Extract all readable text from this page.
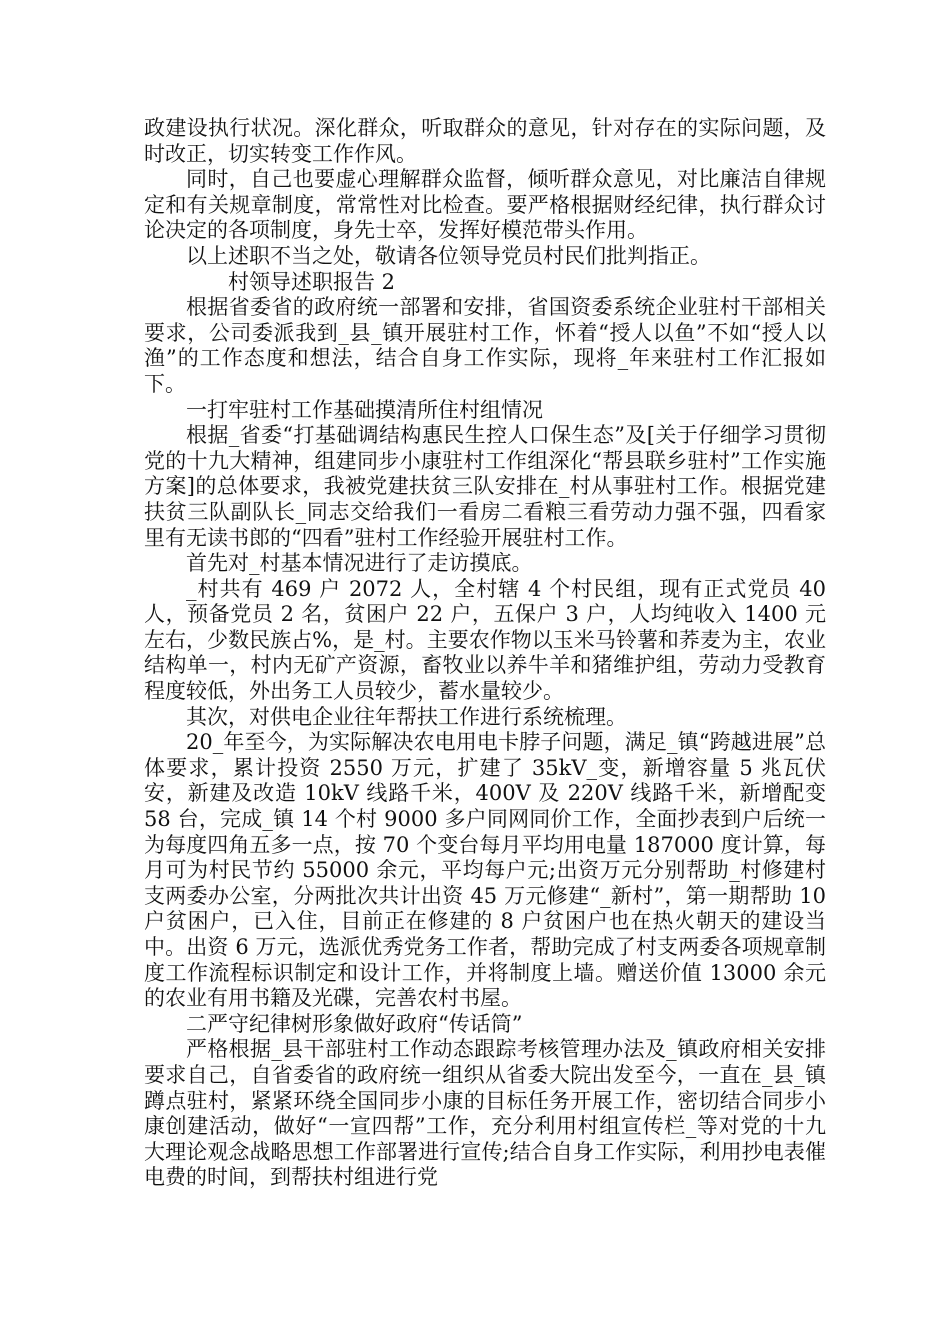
政建设执行状况。深化群众，听取群众的意见，针对存在的实际问题，及时改正，切实转变工作作风。

同时，自己也要虚心理解群众监督，倾听群众意见，对比廉洁自律规定和有关规章制度，常常性对比检查。要严格根据财经纪律，执行群众讨论决定的各项制度，身先士卒，发挥好模范带头作用。

以上述职不当之处，敬请各位领导党员村民们批判指正。

村领导述职报告 2

根据省委省的政府统一部署和安排，省国资委系统企业驻村干部相关要求，公司委派我到_县_镇开展驻村工作，怀着“授人以鱼”不如“授人以渔”的工作态度和想法，结合自身工作实际，现将_年来驻村工作汇报如下。

一打牢驻村工作基础摸清所住村组情况

根据_省委“打基础调结构惠民生控人口保生态”及[关于仔细学习贯彻党的十九大精神，组建同步小康驻村工作组深化“帮县联乡驻村”工作实施方案]的总体要求，我被党建扶贫三队安排在_村从事驻村工作。根据党建扶贫三队副队长_同志交给我们一看房二看粮三看劳动力强不强，四看家里有无读书郎的“四看”驻村工作经验开展驻村工作。

首先对_村基本情况进行了走访摸底。

_村共有 469 户 2072 人，全村辖 4 个村民组，现有正式党员 40 人，预备党员 2 名，贫困户 22 户，五保户 3 户，人均纯收入 1400 元左右，少数民族占%，是_村。主要农作物以玉米马铃薯和荞麦为主，农业结构单一，村内无矿产资源，畜牧业以养牛羊和猪维护组，劳动力受教育程度较低，外出务工人员较少，蓄水量较少。

其次，对供电企业往年帮扶工作进行系统梳理。

20_年至今，为实际解决农电用电卡脖子问题，满足_镇“跨越进展”总体要求，累计投资 2550 万元，扩建了 35kV_变，新增容量 5 兆瓦伏安，新建及改造 10kV 线路千米，400V 及 220V 线路千米，新增配变 58 台，完成_镇 14 个村 9000 多户同网同价工作，全面抄表到户后统一为每度四角五多一点，按 70 个变台每月平均用电量 187000 度计算，每月可为村民节约 55000 余元，平均每户元;出资万元分别帮助_村修建村支两委办公室，分两批次共计出资 45 万元修建“_新村”，第一期帮助 10 户贫困户，已入住，目前正在修建的 8 户贫困户也在热火朝天的建设当中。出资 6 万元，选派优秀党务工作者，帮助完成了村支两委各项规章制度工作流程标识制定和设计工作，并将制度上墙。赠送价值 13000 余元的农业有用书籍及光碟，完善农村书屋。

二严守纪律树形象做好政府“传话筒”

严格根据_县干部驻村工作动态跟踪考核管理办法及_镇政府相关安排要求自己，自省委省的政府统一组织从省委大院出发至今，一直在_县_镇蹲点驻村，紧紧环绕全国同步小康的目标任务开展工作，密切结合同步小康创建活动，做好“一宣四帮”工作，充分利用村组宣传栏_等对党的十九大理论观念战略思想工作部署进行宣传;结合自身工作实际，利用抄电表催电费的时间，到帮扶村组进行党
